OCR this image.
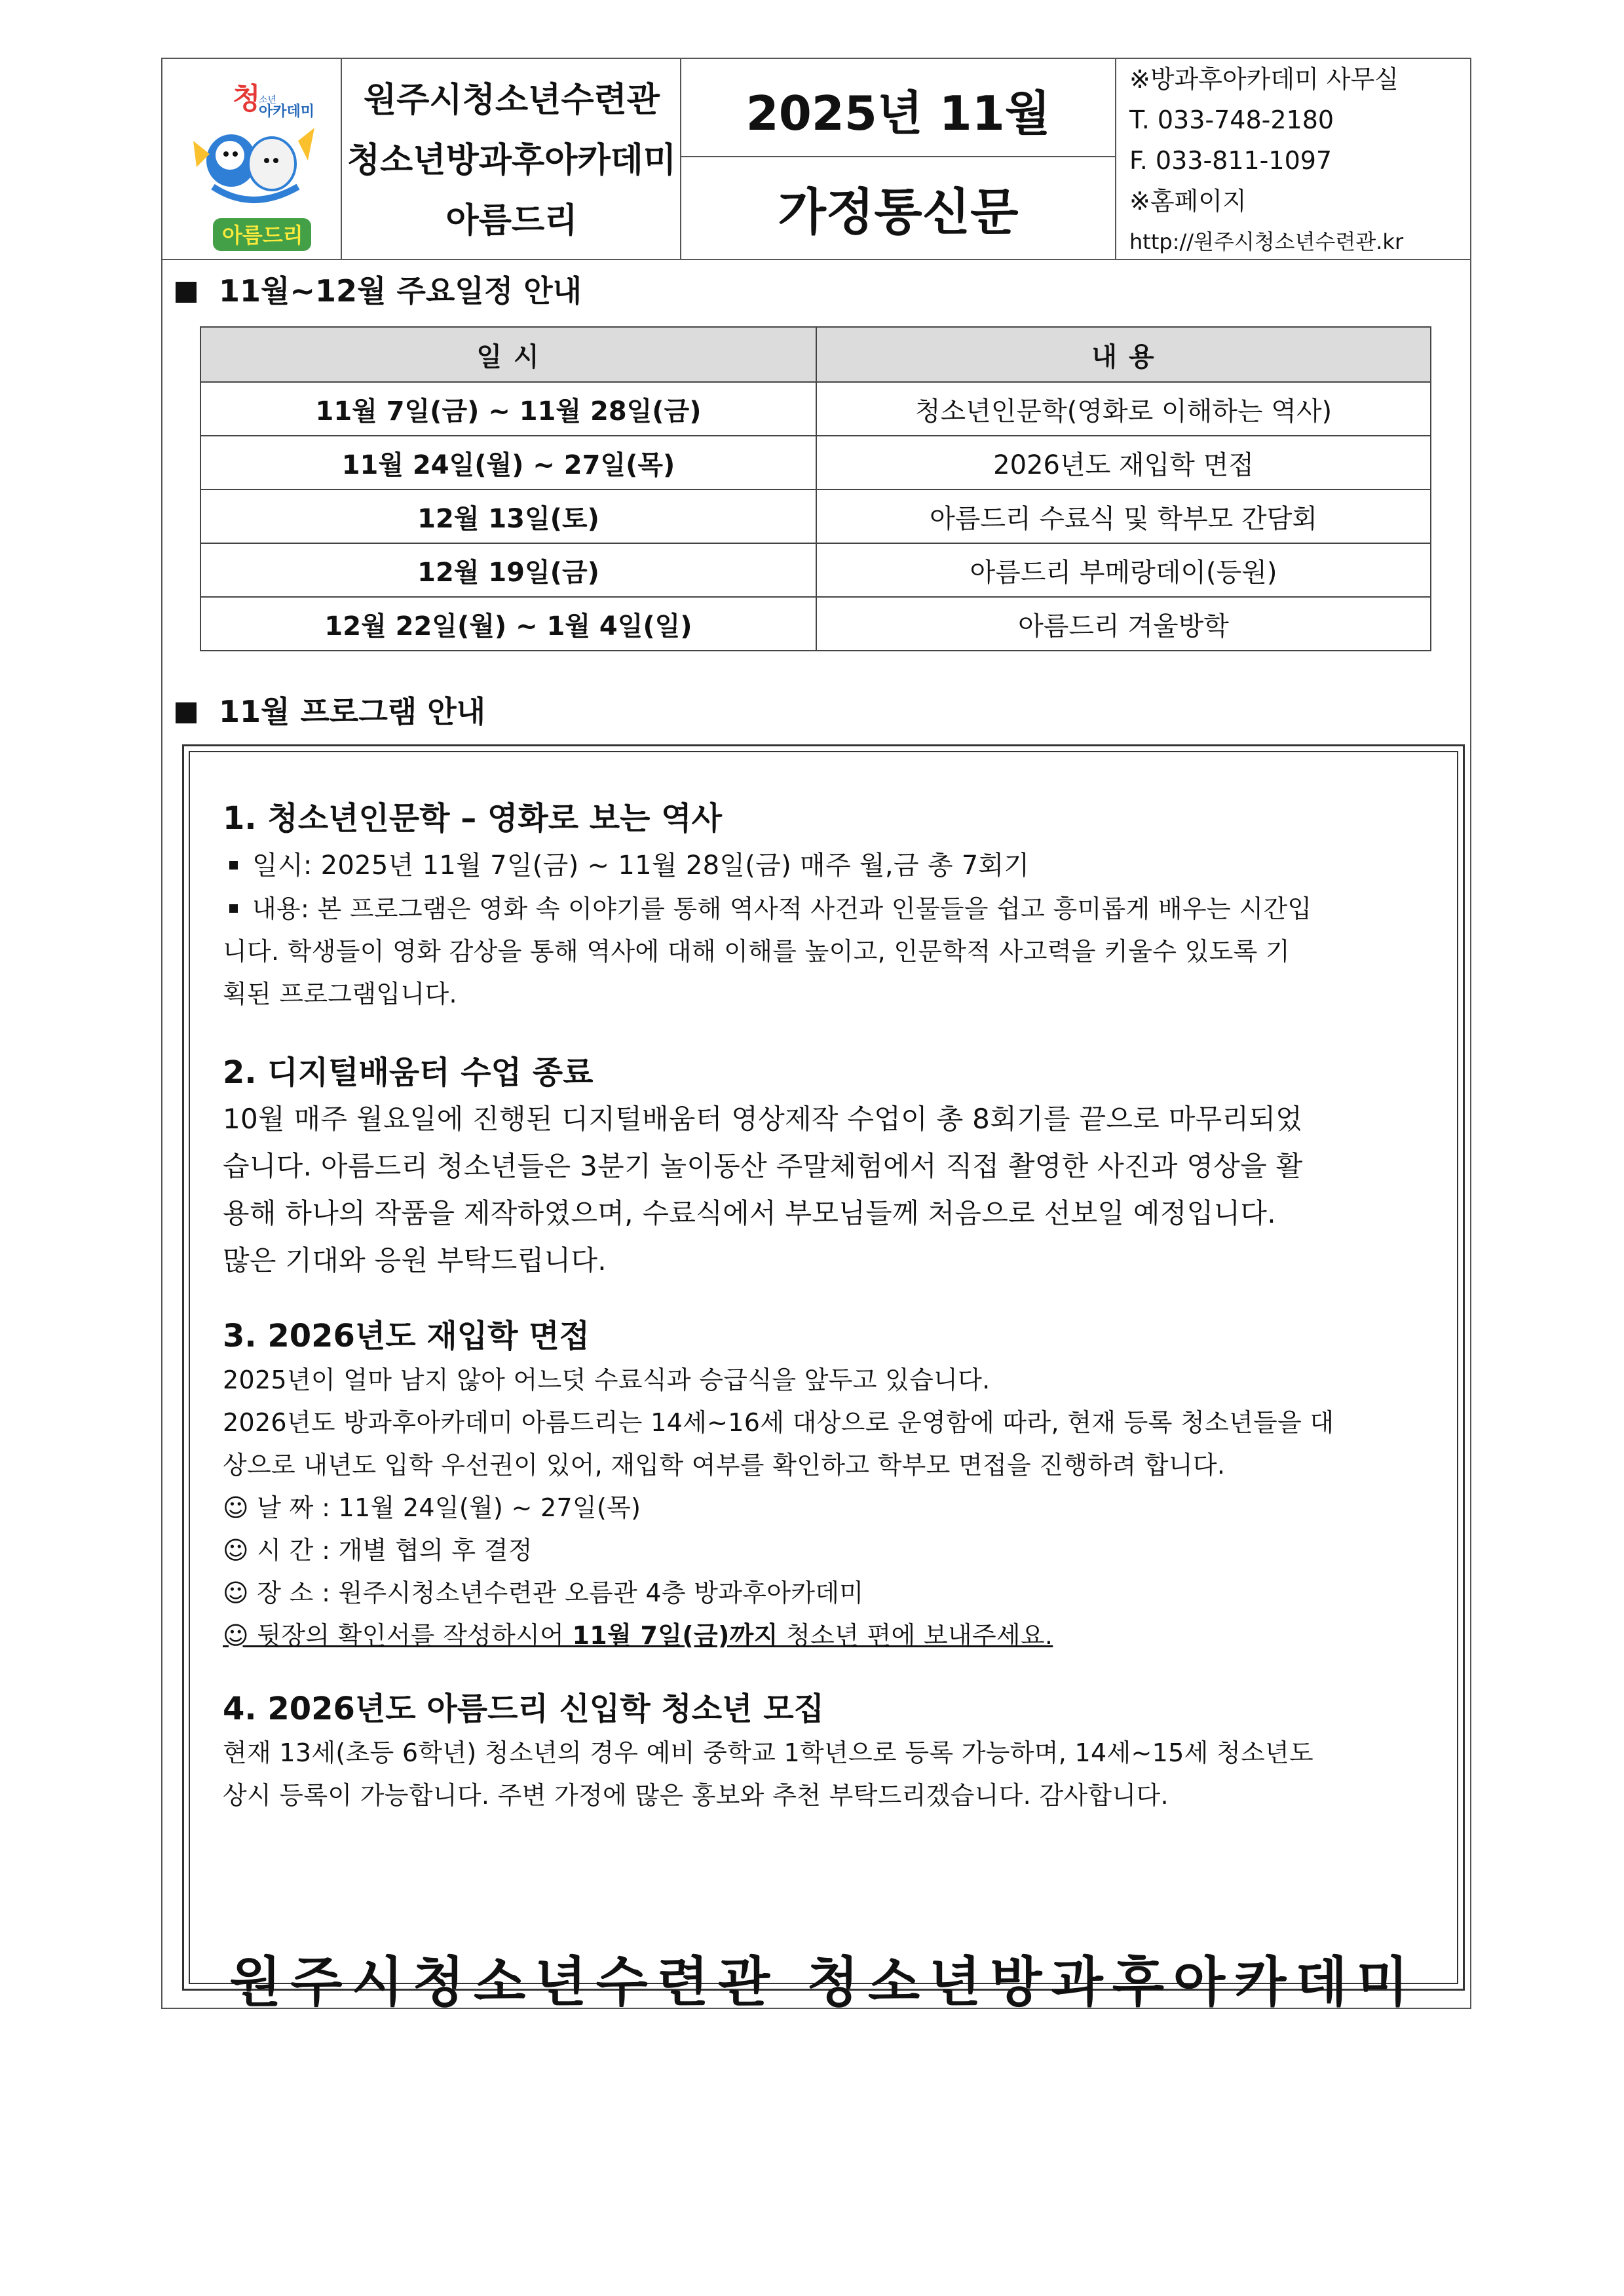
청
소년
아카데미
아름드리
원주시청소년수련관
청소년방과후아카데미
아름드리
2025년 11월
가정통신문
※방과후아카데미 사무실
T. 033-748-2180
F. 033-811-1097
※홈페이지
http://원주시청소년수련관.kr
11월~12월 주요일정 안내
일 시	내 용
11월 7일(금) ~ 11월 28일(금)	청소년인문학(영화로 이해하는 역사)
11월 24일(월) ~ 27일(목)	2026년도 재입학 면접
12월 13일(토)	아름드리 수료식 및 학부모 간담회
12월 19일(금)	아름드리 부메랑데이(등원)
12월 22일(월) ~ 1월 4일(일)	아름드리 겨울방학
11월 프로그램 안내
1. 청소년인문학 – 영화로 보는 역사
일시: 2025년 11월 7일(금) ~ 11월 28일(금) 매주 월,금 총 7회기
내용: 본 프로그램은 영화 속 이야기를 통해 역사적 사건과 인물들을 쉽고 흥미롭게 배우는 시간입
니다. 학생들이 영화 감상을 통해 역사에 대해 이해를 높이고, 인문학적 사고력을 키울수 있도록 기
획된 프로그램입니다.
2. 디지털배움터 수업 종료
10월 매주 월요일에 진행된 디지털배움터 영상제작 수업이 총 8회기를 끝으로 마무리되었
습니다. 아름드리 청소년들은 3분기 놀이동산 주말체험에서 직접 촬영한 사진과 영상을 활
용해 하나의 작품을 제작하였으며, 수료식에서 부모님들께 처음으로 선보일 예정입니다.
많은 기대와 응원 부탁드립니다.
3. 2026년도 재입학 면접
2025년이 얼마 남지 않아 어느덧 수료식과 승급식을 앞두고 있습니다.
2026년도 방과후아카데미 아름드리는 14세~16세 대상으로 운영함에 따라, 현재 등록 청소년들을 대
상으로 내년도 입학 우선권이 있어, 재입학 여부를 확인하고 학부모 면접을 진행하려 합니다.
☺ 날 짜 : 11월 24일(월) ~ 27일(목)
☺ 시 간 : 개별 협의 후 결정
☺ 장 소 : 원주시청소년수련관 오름관 4층 방과후아카데미
☺ 뒷장의 확인서를 작성하시어 11월 7일(금)까지 청소년 편에 보내주세요.
4. 2026년도 아름드리 신입학 청소년 모집
현재 13세(초등 6학년) 청소년의 경우 예비 중학교 1학년으로 등록 가능하며, 14세~15세 청소년도
상시 등록이 가능합니다. 주변 가정에 많은 홍보와 추천 부탁드리겠습니다. 감사합니다.
원주시청소년수련관 청소년방과후아카데미
